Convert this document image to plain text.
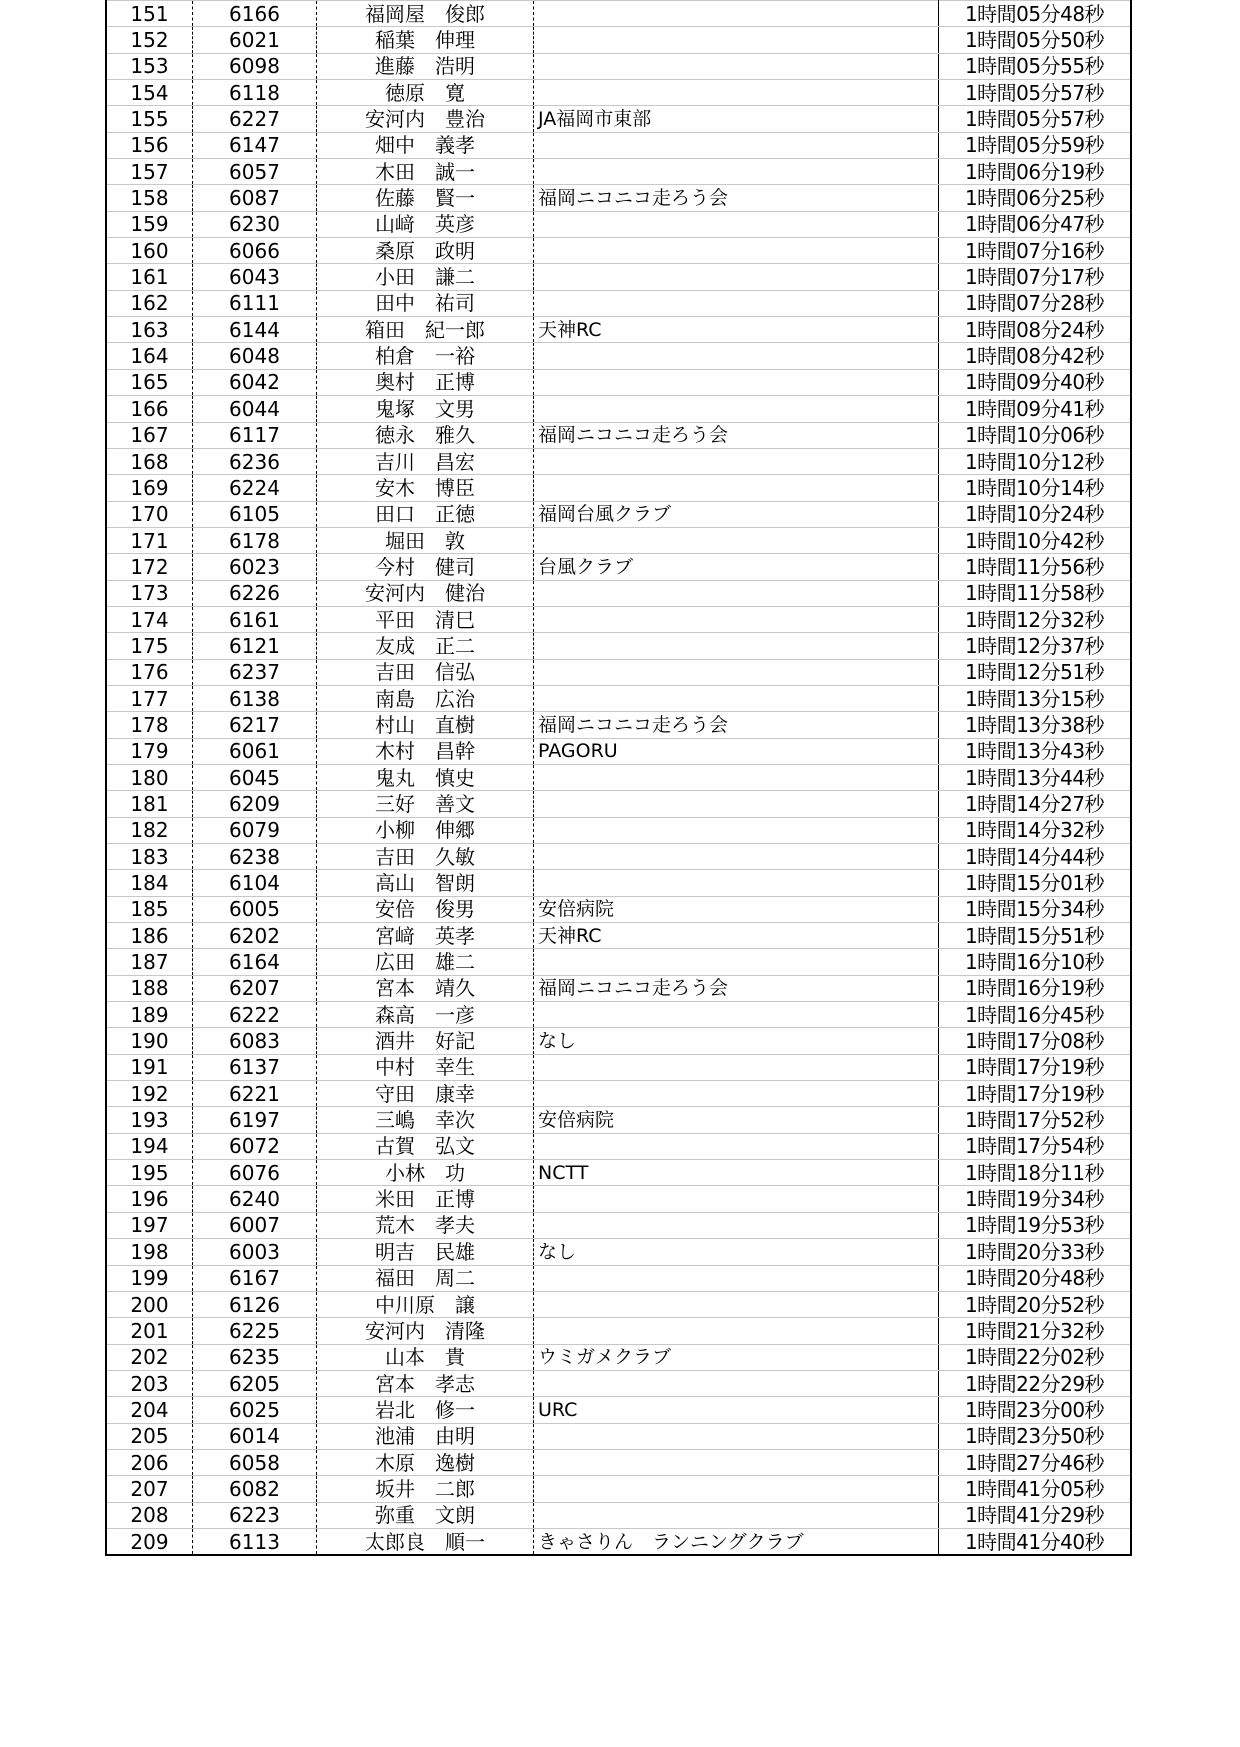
151	6166	福岡屋　俊郎		1時間05分48秒
152	6021	稲葉　伸理		1時間05分50秒
153	6098	進藤　浩明		1時間05分55秒
154	6118	徳原　寛		1時間05分57秒
155	6227	安河内　豊治	JA福岡市東部	1時間05分57秒
156	6147	畑中　義孝		1時間05分59秒
157	6057	木田　誠一		1時間06分19秒
158	6087	佐藤　賢一	福岡ニコニコ走ろう会	1時間06分25秒
159	6230	山﨑　英彦		1時間06分47秒
160	6066	桑原　政明		1時間07分16秒
161	6043	小田　謙二		1時間07分17秒
162	6111	田中　祐司		1時間07分28秒
163	6144	箱田　紀一郎	天神RC	1時間08分24秒
164	6048	柏倉　一裕		1時間08分42秒
165	6042	奥村　正博		1時間09分40秒
166	6044	鬼塚　文男		1時間09分41秒
167	6117	徳永　雅久	福岡ニコニコ走ろう会	1時間10分06秒
168	6236	吉川　昌宏		1時間10分12秒
169	6224	安木　博臣		1時間10分14秒
170	6105	田口　正徳	福岡台風クラブ	1時間10分24秒
171	6178	堀田　敦		1時間10分42秒
172	6023	今村　健司	台風クラブ	1時間11分56秒
173	6226	安河内　健治		1時間11分58秒
174	6161	平田　清巳		1時間12分32秒
175	6121	友成　正二		1時間12分37秒
176	6237	吉田　信弘		1時間12分51秒
177	6138	南島　広治		1時間13分15秒
178	6217	村山　直樹	福岡ニコニコ走ろう会	1時間13分38秒
179	6061	木村　昌幹	PAGORU	1時間13分43秒
180	6045	鬼丸　慎史		1時間13分44秒
181	6209	三好　善文		1時間14分27秒
182	6079	小柳　伸郷		1時間14分32秒
183	6238	吉田　久敏		1時間14分44秒
184	6104	高山　智朗		1時間15分01秒
185	6005	安倍　俊男	安倍病院	1時間15分34秒
186	6202	宮﨑　英孝	天神RC	1時間15分51秒
187	6164	広田　雄二		1時間16分10秒
188	6207	宮本　靖久	福岡ニコニコ走ろう会	1時間16分19秒
189	6222	森高　一彦		1時間16分45秒
190	6083	酒井　好記	なし	1時間17分08秒
191	6137	中村　幸生		1時間17分19秒
192	6221	守田　康幸		1時間17分19秒
193	6197	三嶋　幸次	安倍病院	1時間17分52秒
194	6072	古賀　弘文		1時間17分54秒
195	6076	小林　功	NCTT	1時間18分11秒
196	6240	米田　正博		1時間19分34秒
197	6007	荒木　孝夫		1時間19分53秒
198	6003	明吉　民雄	なし	1時間20分33秒
199	6167	福田　周二		1時間20分48秒
200	6126	中川原　譲		1時間20分52秒
201	6225	安河内　清隆		1時間21分32秒
202	6235	山本　貴	ウミガメクラブ	1時間22分02秒
203	6205	宮本　孝志		1時間22分29秒
204	6025	岩北　修一	URC	1時間23分00秒
205	6014	池浦　由明		1時間23分50秒
206	6058	木原　逸樹		1時間27分46秒
207	6082	坂井　二郎		1時間41分05秒
208	6223	弥重　文朗		1時間41分29秒
209	6113	太郎良　順一	きゃさりん　ランニングクラブ	1時間41分40秒
